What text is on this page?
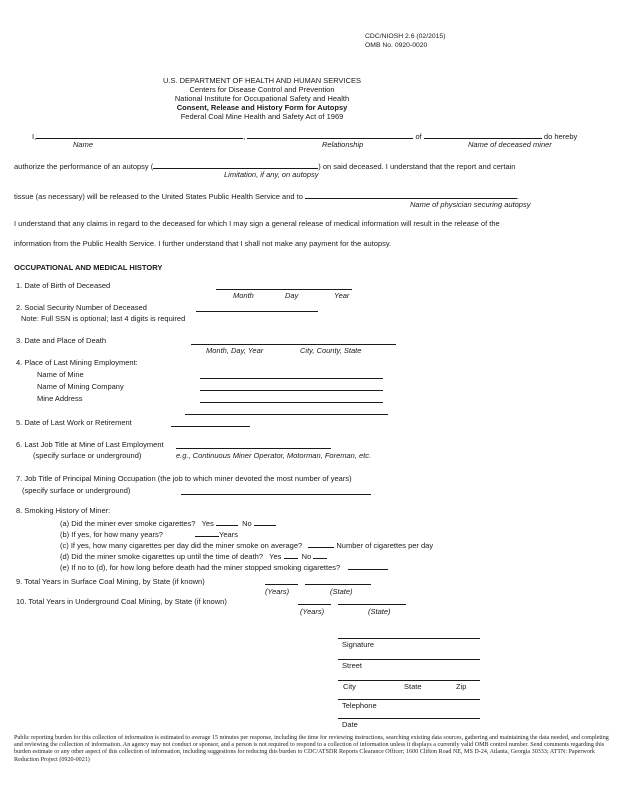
CDC/NIOSH 2.6 (02/2015)
OMB No. 0920-0020
U.S. DEPARTMENT OF HEALTH AND HUMAN SERVICES
Centers for Disease Control and Prevention
National Institute for Occupational Safety and Health
Consent, Release and History Form for Autopsy
Federal Coal Mine Health and Safety Act of 1969
I,	,	of	do hereby
Name	Relationship	Name of deceased miner
authorize the performance of an autopsy (	) on said deceased. I understand that the report and certain
Limitation, if any, on autopsy
tissue (as necessary) will be released to the United States Public Health Service and to	.
Name of physician securing autopsy
I understand that any claims in regard to the deceased for which I may sign a general release of medical information will result in the release of the
information from the Public Health Service. I further understand that I shall not make any payment for the autopsy.
OCCUPATIONAL AND MEDICAL HISTORY
1. Date of Birth of Deceased
Month	Day	Year
2. Social Security Number of Deceased
Note: Full SSN is optional; last 4 digits is required
3. Date and Place of Death
Month, Day, Year	City, County, State
4. Place of Last Mining Employment:
Name of Mine
Name of Mining Company
Mine Address
5. Date of Last Work or Retirement
6. Last Job Title at Mine of Last Employment
(specify surface or underground)	e.g., Continuous Miner Operator, Motorman, Foreman, etc.
7. Job Title of Principal Mining Occupation (the job to which miner devoted the most number of years)
(specify surface or underground)
8. Smoking History of Miner:
(a) Did the miner ever smoke cigarettes? Yes	No
(b) If yes, for how many years?	Years
(c) If yes, how many cigarettes per day did the miner smoke on average?	Number of cigarettes per day
(d) Did the miner smoke cigarettes up until the time of death? Yes	No
(e) If no to (d), for how long before death had the miner stopped smoking cigarettes?
9. Total Years in Surface Coal Mining, by State (if known)
(Years)	(State)
10. Total Years in Underground Coal Mining, by State (if known)
(Years)	(State)
Signature
Street
City	State	Zip
Telephone
Date
Public reporting burden for this collection of information is estimated to average 15 minutes per response, including the time for reviewing instructions, searching existing data sources, gathering and maintaining the data needed, and completing and reviewing the collection of information. An agency may not conduct or sponsor, and a person is not required to respond to a collection of information unless it displays a currently valid OMB control number. Send comments regarding this burden estimate or any other aspect of this collection of information, including suggestions for reducing this burden to CDC/ATSDR Reports Clearance Officer; 1600 Clifton Road NE, MS D-24, Atlanta, Georgia 30333; ATTN: Paperwork Reduction Project (0920-0021)
